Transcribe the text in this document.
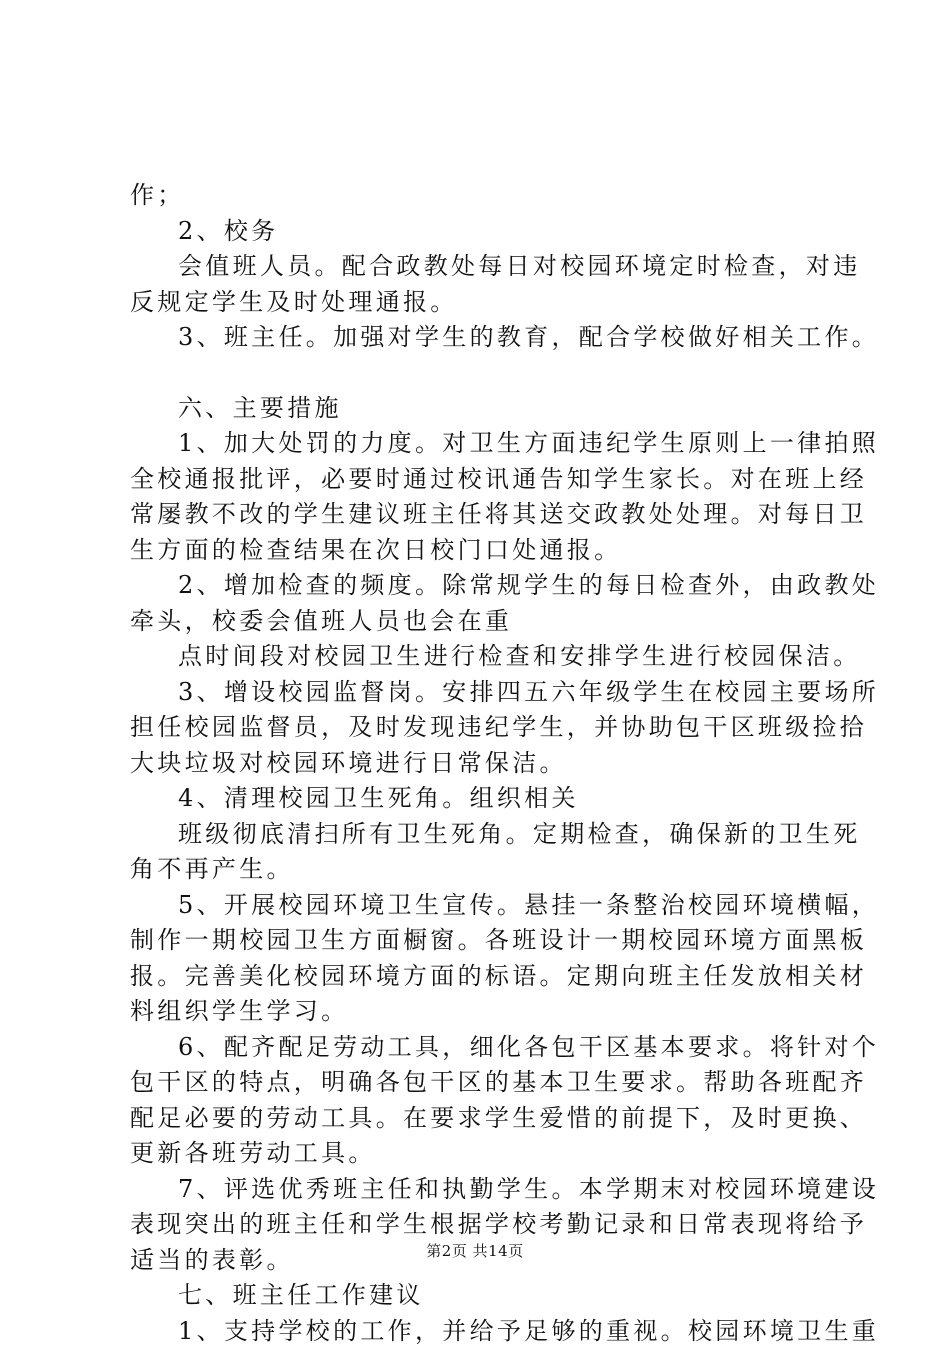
作；
2、校务
会值班人员。配合政教处每日对校园环境定时检查，对违
反规定学生及时处理通报。
3、班主任。加强对学生的教育，配合学校做好相关工作。
六、主要措施
1、加大处罚的力度。对卫生方面违纪学生原则上一律拍照
全校通报批评，必要时通过校讯通告知学生家长。对在班上经
常屡教不改的学生建议班主任将其送交政教处处理。对每日卫
生方面的检查结果在次日校门口处通报。
2、增加检查的频度。除常规学生的每日检查外，由政教处
牵头，校委会值班人员也会在重
点时间段对校园卫生进行检查和安排学生进行校园保洁。
3、增设校园监督岗。安排四五六年级学生在校园主要场所
担任校园监督员，及时发现违纪学生，并协助包干区班级捡拾
大块垃圾对校园环境进行日常保洁。
4、清理校园卫生死角。组织相关
班级彻底清扫所有卫生死角。定期检查，确保新的卫生死
角不再产生。
5、开展校园环境卫生宣传。悬挂一条整治校园环境横幅，
制作一期校园卫生方面橱窗。各班设计一期校园环境方面黑板
报。完善美化校园环境方面的标语。定期向班主任发放相关材
料组织学生学习。
6、配齐配足劳动工具，细化各包干区基本要求。将针对个
包干区的特点，明确各包干区的基本卫生要求。帮助各班配齐
配足必要的劳动工具。在要求学生爱惜的前提下，及时更换、
更新各班劳动工具。
7、评选优秀班主任和执勤学生。本学期末对校园环境建设
表现突出的班主任和学生根据学校考勤记录和日常表现将给予
适当的表彰。
七、班主任工作建议
1、支持学校的工作，并给予足够的重视。校园环境卫生重
第2页 共14页
